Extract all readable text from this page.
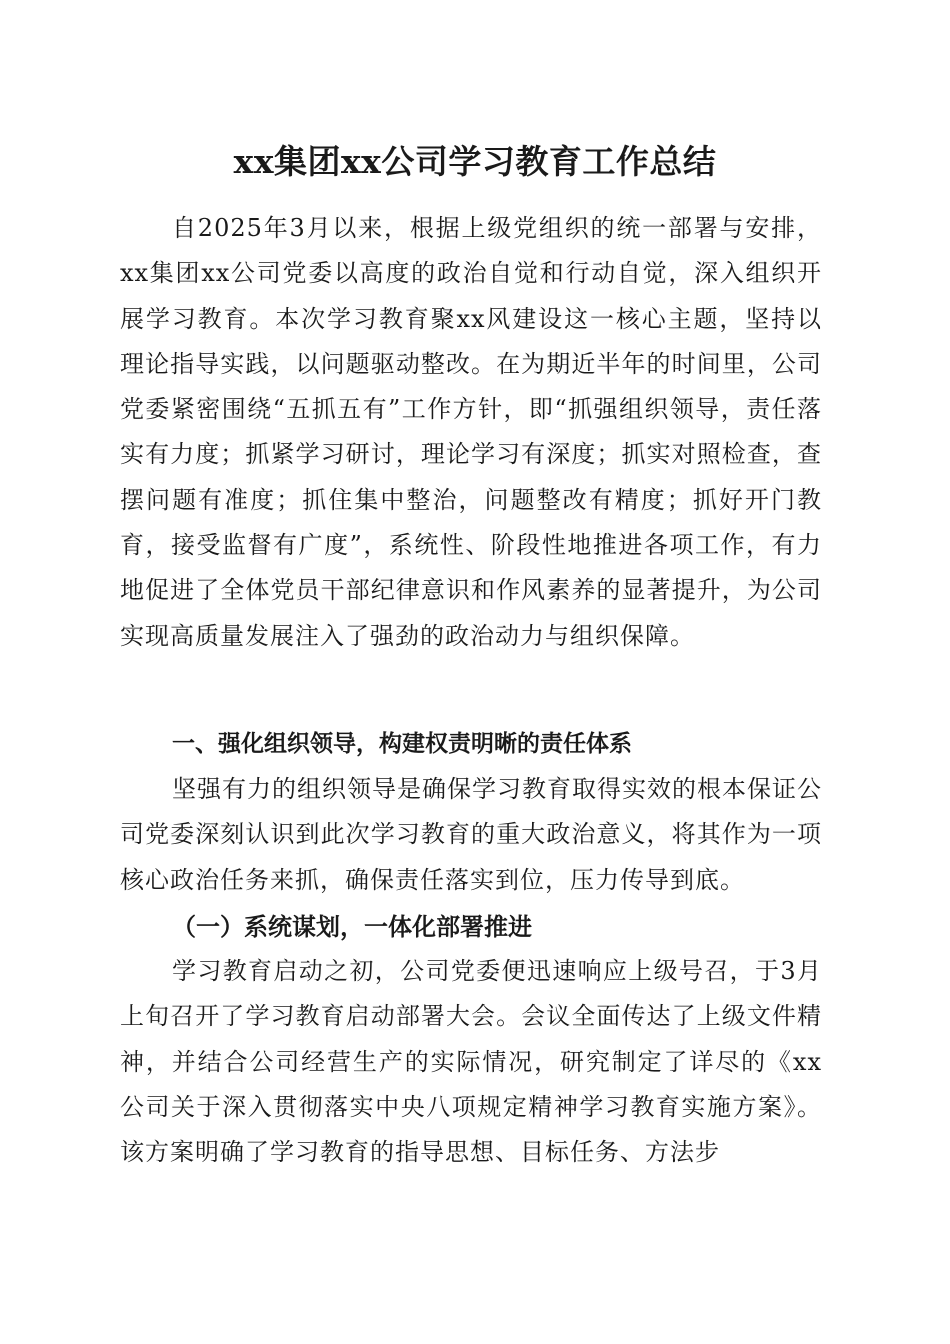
xx集团xx公司学习教育工作总结

自2025年3月以来，根据上级党组织的统一部署与安排，xx集团xx公司党委以高度的政治自觉和行动自觉，深入组织开展学习教育。本次学习教育聚xx风建设这一核心主题，坚持以理论指导实践，以问题驱动整改。在为期近半年的时间里，公司党委紧密围绕“五抓五有”工作方针，即“抓强组织领导，责任落实有力度；抓紧学习研讨，理论学习有深度；抓实对照检查，查摆问题有准度；抓住集中整治，问题整改有精度；抓好开门教育，接受监督有广度”，系统性、阶段性地推进各项工作，有力地促进了全体党员干部纪律意识和作风素养的显著提升，为公司实现高质量发展注入了强劲的政治动力与组织保障。

一、强化组织领导，构建权责明晰的责任体系

坚强有力的组织领导是确保学习教育取得实效的根本保证公司党委深刻认识到此次学习教育的重大政治意义，将其作为一项核心政治任务来抓，确保责任落实到位，压力传导到底。

（一）系统谋划，一体化部署推进

学习教育启动之初，公司党委便迅速响应上级号召，于3月上旬召开了学习教育启动部署大会。会议全面传达了上级文件精神，并结合公司经营生产的实际情况，研究制定了详尽的《xx公司关于深入贯彻落实中央八项规定精神学习教育实施方案》。该方案明确了学习教育的指导思想、目标任务、方法步
